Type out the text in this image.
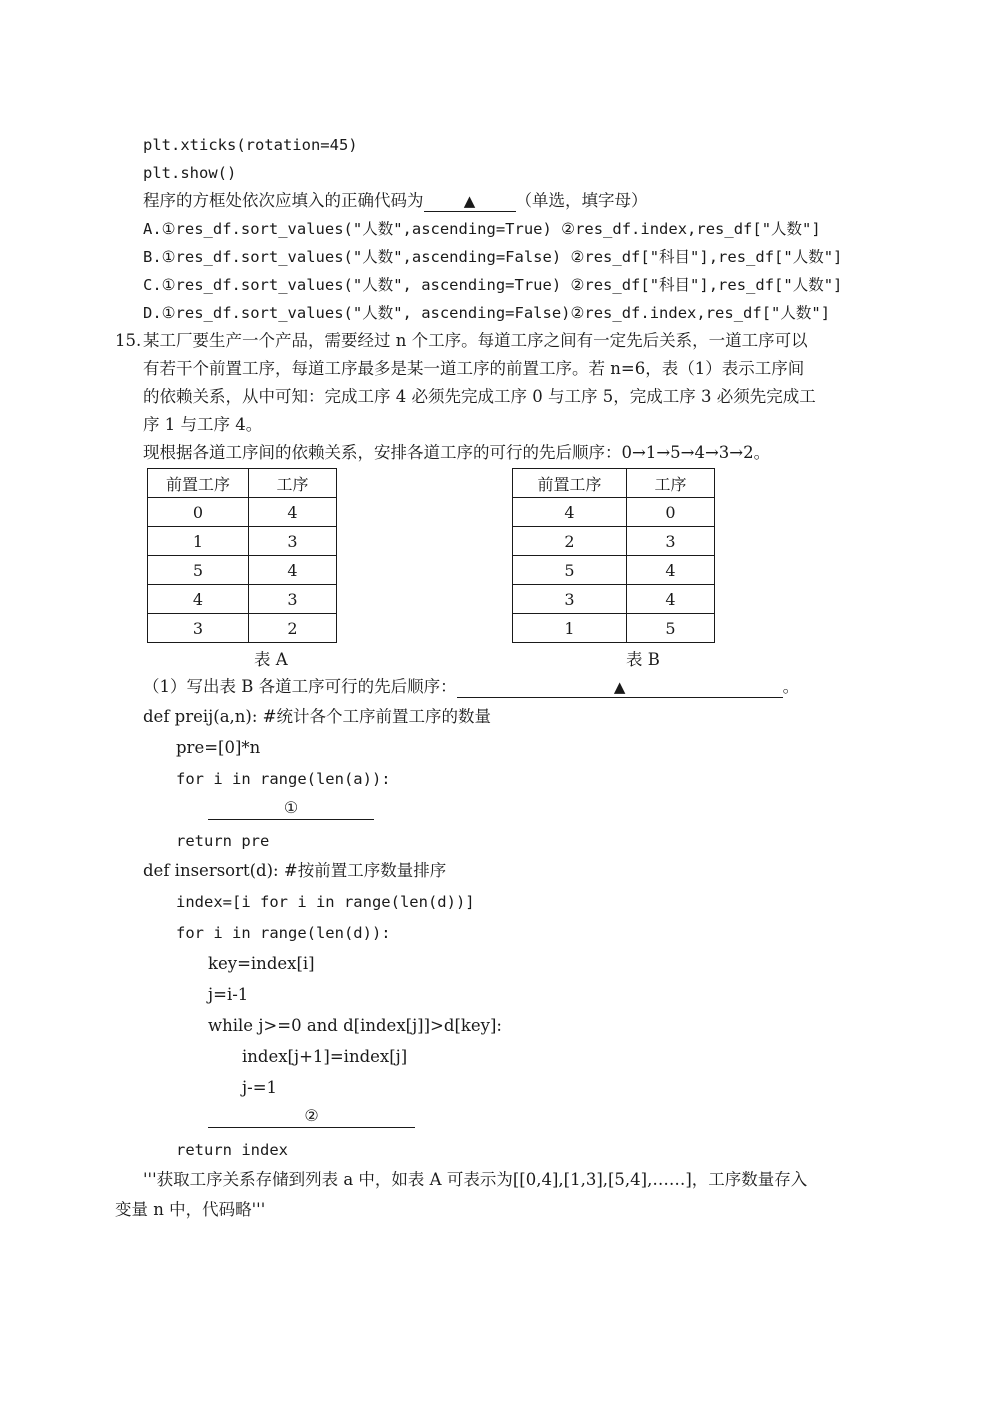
plt.xticks(rotation=45)
plt.show()
程序的方框处依次应填入的正确代码为	▲ （单选，填字母）
A.①res_df.sort_values("人数",ascending=True) ②res_df.index,res_df["人数"]
B.①res_df.sort_values("人数",ascending=False) ②res_df["科目"],res_df["人数"]
C.①res_df.sort_values("人数", ascending=True) ②res_df["科目"],res_df["人数"]
D.①res_df.sort_values("人数", ascending=False)②res_df.index,res_df["人数"]
15. 某工厂要生产一个产品，需要经过 n 个工序。每道工序之间有一定先后关系，一道工序可以
有若干个前置工序，每道工序最多是某一道工序的前置工序。若 n=6，表（1）表示工序间
的依赖关系，从中可知：完成工序 4 必须先完成工序 0 与工序 5，完成工序 3 必须先完成工
序 1 与工序 4。
现根据各道工序间的依赖关系，安排各道工序的可行的先后顺序：0→1→5→4→3→2。
前置工序	工序
0	4
1	3
5	4
4	3
3	2
表 A
前置工序	工序
4	0
2	3
5	4
3	4
1	5
表 B
（1）写出表 B 各道工序可行的先后顺序：	▲	。
def preij(a,n): #统计各个工序前置工序的数量
pre=[0]*n
for i in range(len(a)):
①
return pre
def insersort(d): #按前置工序数量排序
index=[i for i in range(len(d))]
for i in range(len(d)):
key=index[i]
j=i-1
while j>=0 and d[index[j]]>d[key]:
index[j+1]=index[j]
j-=1
②
return index
'''获取工序关系存储到列表 a 中，如表 A 可表示为[[0,4],[1,3],[5,4],……]，工序数量存入
变量 n 中，代码略'''
